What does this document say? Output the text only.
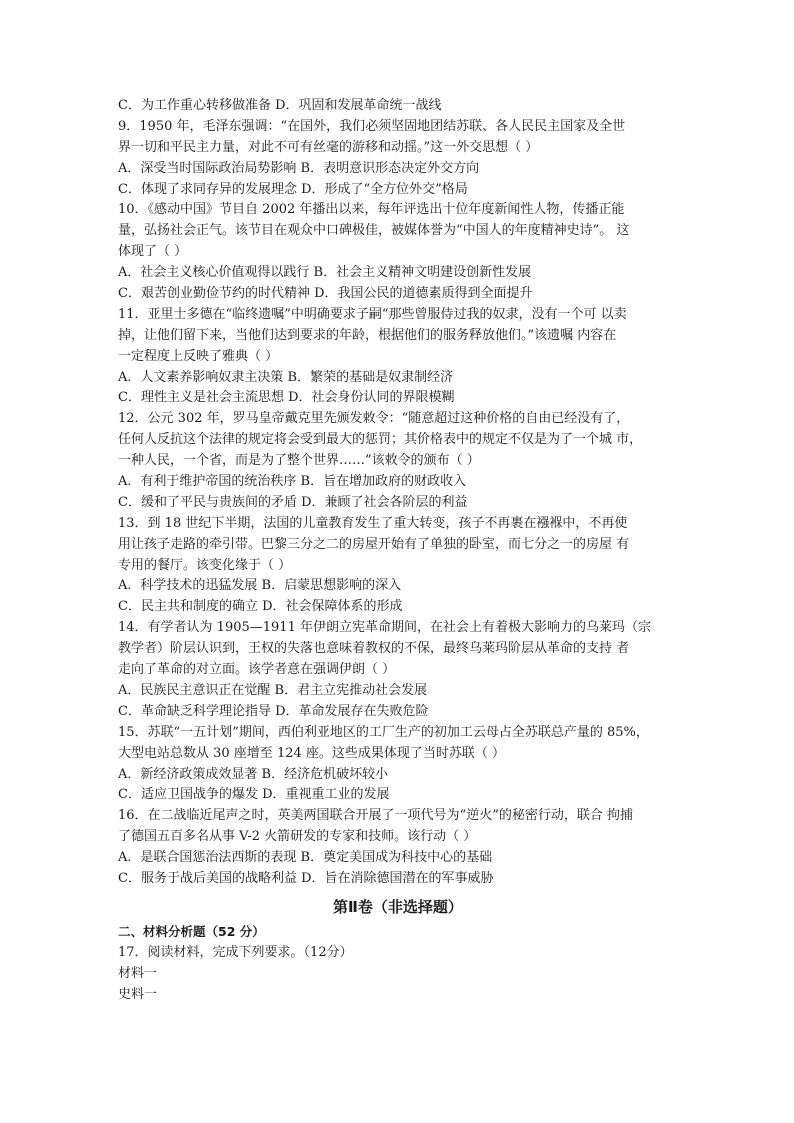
C．为工作重心转移做准备 D．巩固和发展革命统一战线
9．1950 年，毛泽东强调：“在国外，我们必须坚固地团结苏联、各人民民主国家及全世
界一切和平民主力量，对此不可有丝毫的游移和动摇。”这一外交思想（ ）
A．深受当时国际政治局势影响 B．表明意识形态决定外交方向
C．体现了求同存异的发展理念 D．形成了“全方位外交”格局
10．《感动中国》节目自 2002 年播出以来，每年评选出十位年度新闻性人物，传播正能
量，弘扬社会正气。该节目在观众中口碑极佳，被媒体誉为“中国人的年度精神史诗”。 这
体现了（ ）
A．社会主义核心价值观得以践行 B．社会主义精神文明建设创新性发展
C．艰苦创业勤俭节约的时代精神 D．我国公民的道德素质得到全面提升
11．亚里士多德在“临终遗嘱”中明确要求子嗣“那些曾服侍过我的奴隶，没有一个可 以卖
掉，让他们留下来，当他们达到要求的年龄，根据他们的服务释放他们。”该遗嘱 内容在
一定程度上反映了雅典（ ）
A．人文素养影响奴隶主决策 B．繁荣的基础是奴隶制经济
C．理性主义是社会主流思想 D．社会身份认同的界限模糊
12．公元 302 年，罗马皇帝戴克里先颁发敕令：“随意超过这种价格的自由已经没有了，
任何人反抗这个法律的规定将会受到最大的惩罚；其价格表中的规定不仅是为了一个城 市，
一种人民，一个省，而是为了整个世界……”该敕令的颁布（ ）
A．有利于维护帝国的统治秩序 B．旨在增加政府的财政收入
C．缓和了平民与贵族间的矛盾 D．兼顾了社会各阶层的利益
13．到 18 世纪下半期，法国的儿童教育发生了重大转变，孩子不再裹在襁褓中，不再使
用让孩子走路的牵引带。巴黎三分之二的房屋开始有了单独的卧室，而七分之一的房屋 有
专用的餐厅。该变化缘于（ ）
A．科学技术的迅猛发展 B．启蒙思想影响的深入
C．民主共和制度的确立 D．社会保障体系的形成
14．有学者认为 1905—1911 年伊朗立宪革命期间，在社会上有着极大影响力的乌莱玛（宗
教学者）阶层认识到，王权的失落也意味着教权的不保，最终乌莱玛阶层从革命的支持 者
走向了革命的对立面。该学者意在强调伊朗（ ）
A．民族民主意识正在觉醒 B．君主立宪推动社会发展
C．革命缺乏科学理论指导 D．革命发展存在失败危险
15．苏联“一五计划”期间，西伯利亚地区的工厂生产的初加工云母占全苏联总产量的 85%，
大型电站总数从 30 座增至 124 座。这些成果体现了当时苏联（ ）
A．新经济政策成效显著 B．经济危机破坏较小
C．适应卫国战争的爆发 D．重视重工业的发展
16．在二战临近尾声之时，英美两国联合开展了一项代号为“逆火”的秘密行动，联合 拘捕
了德国五百多名从事 V-2 火箭研发的专家和技师。该行动（ ）
A．是联合国惩治法西斯的表现 B．奠定美国成为科技中心的基础
C．服务于战后美国的战略利益 D．旨在消除德国潜在的军事威胁
第Ⅱ卷（非选择题）
二、材料分析题（52 分）
17．阅读材料，完成下列要求。（12分）
材料一
史料一
